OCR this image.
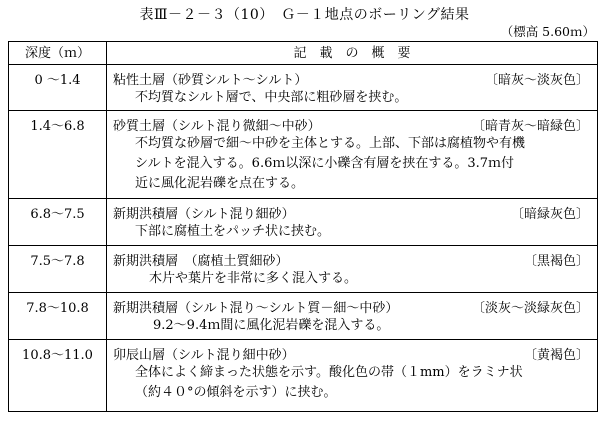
表Ⅲ－２－３（10）　Ｇ－１地点のボーリング結果
（標高 5.60ｍ）
深度（ｍ）	記　載　の　概　要
0 ～1.4	粘性土層（砂質シルト～シルト） 〔暗灰～淡灰色〕
不均質なシルト層で、中央部に粗砂層を挟む。

1.4～6.8	砂質土層（シルト混り微細～中砂） 〔暗青灰～暗緑色〕
不均質な砂層で細～中砂を主体とする。上部、下部は腐植物や有機
シルトを混入する。6.6ｍ以深に小礫含有層を挟在する。3.7ｍ付
近に風化泥岩礫を点在する。

6.8～7.5	新期洪積層（シルト混り細砂） 〔暗緑灰色〕
下部に腐植土をパッチ状に挟む。

7.5～7.8	新期洪積層　（腐植土質細砂） 〔黒褐色〕
木片や葉片を非常に多く混入する。

7.8～10.8	新期洪積層（シルト混り～シルト質－細～中砂） 〔淡灰～淡緑灰色〕
9.2～9.4ｍ間に風化泥岩礫を混入する。

10.8～11.0	卯辰山層（シルト混り細中砂） 〔黄褐色〕
全体によく締まった状態を示す。酸化色の帯（１mm）をラミナ状
（約４０°の傾斜を示す）に挟む。
